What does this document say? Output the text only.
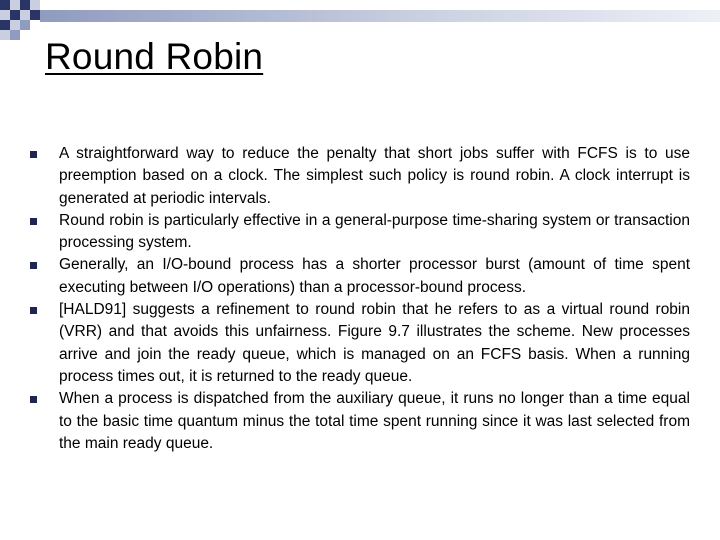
Round Robin
A straightforward way to reduce the penalty that short jobs suffer with FCFS is to use preemption based on a clock. The simplest such policy is round robin. A clock interrupt is generated at periodic intervals.
Round robin is particularly effective in a general-purpose time-sharing system or transaction processing system.
Generally, an I/O-bound process has a shorter processor burst (amount of time spent executing between I/O operations) than a processor-bound process.
[HALD91] suggests a refinement to round robin that he refers to as a virtual round robin (VRR) and that avoids this unfairness. Figure 9.7 illustrates the scheme. New processes arrive and join the ready queue, which is managed on an FCFS basis. When a running process times out, it is returned to the ready queue.
When a process is dispatched from the auxiliary queue, it runs no longer than a time equal to the basic time quantum minus the total time spent running since it was last selected from the main ready queue.
